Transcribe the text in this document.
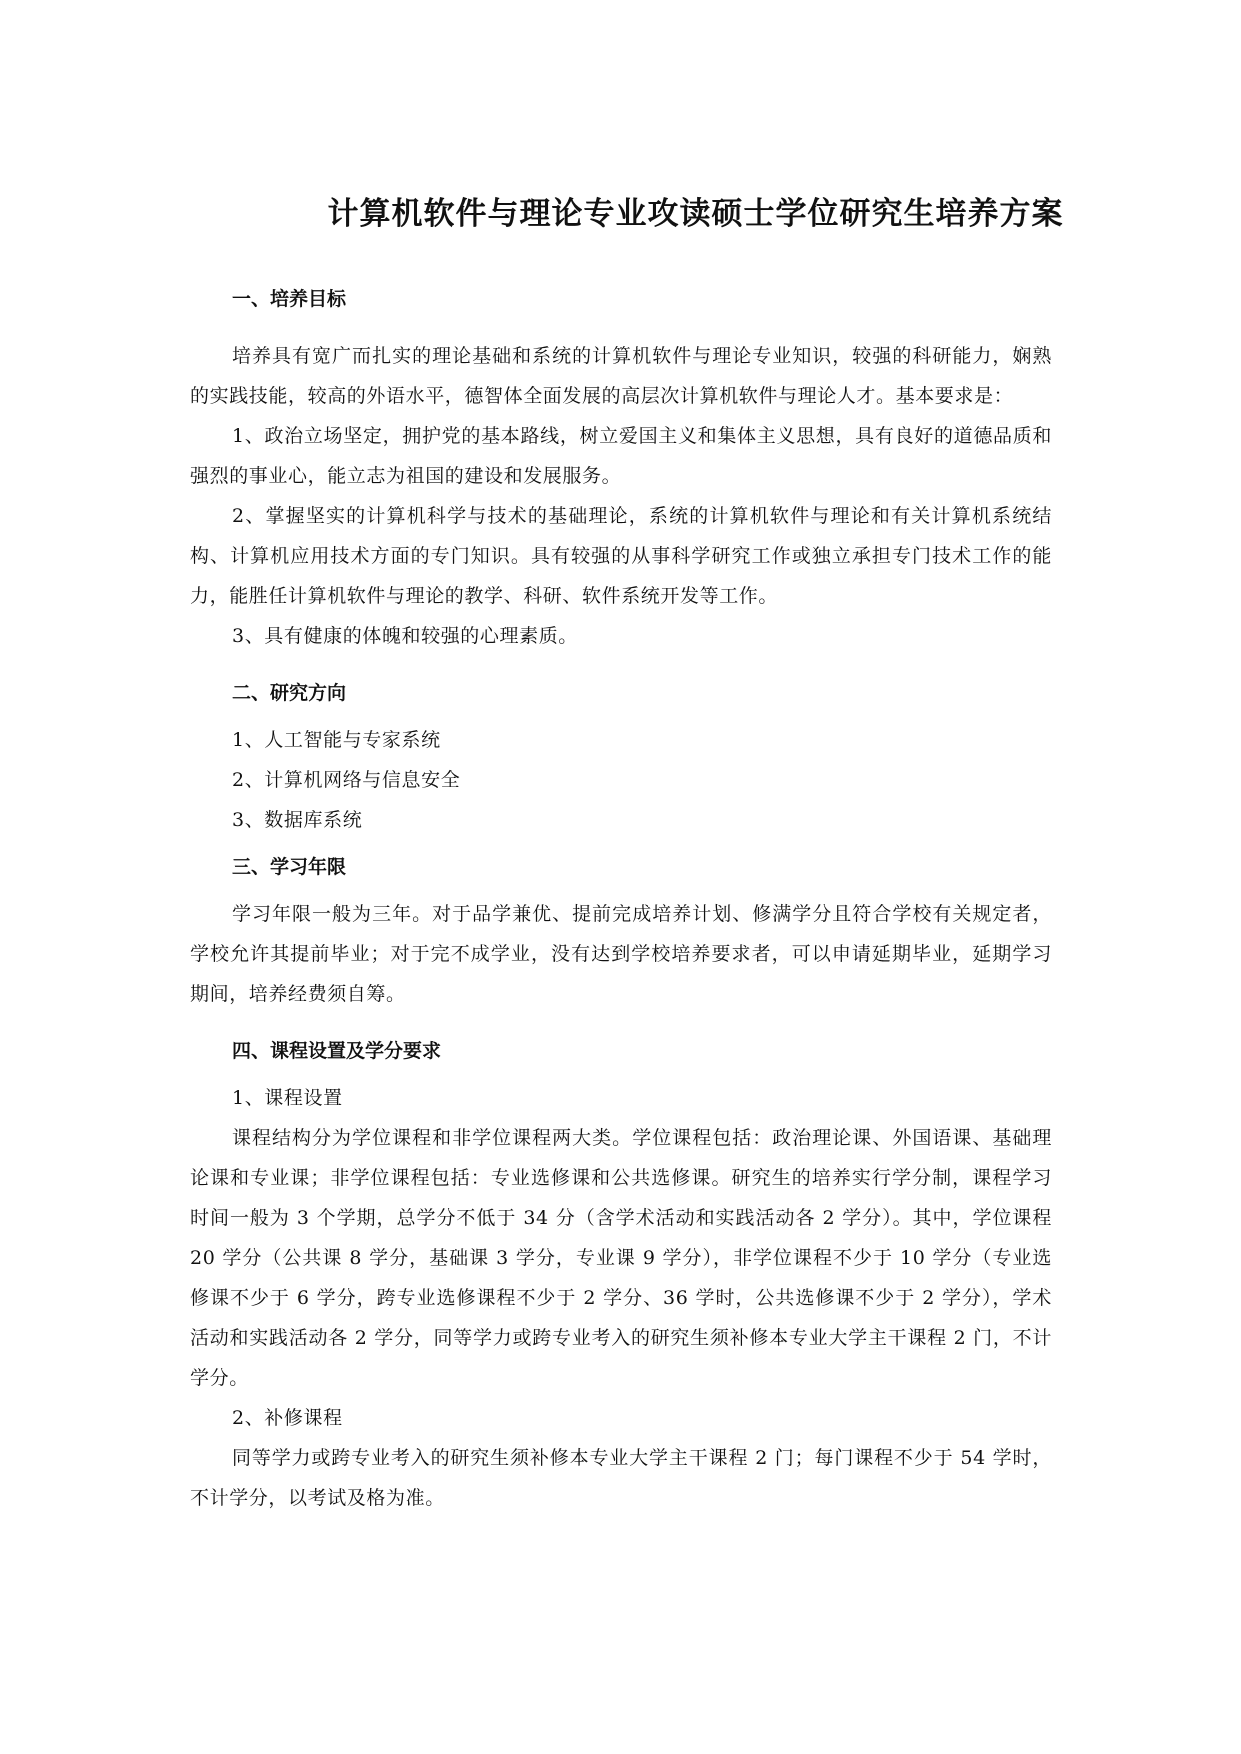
计算机软件与理论专业攻读硕士学位研究生培养方案

一、培养目标

培养具有宽广而扎实的理论基础和系统的计算机软件与理论专业知识，较强的科研能力，娴熟的实践技能，较高的外语水平，德智体全面发展的高层次计算机软件与理论人才。基本要求是：

1、政治立场坚定，拥护党的基本路线，树立爱国主义和集体主义思想，具有良好的道德品质和强烈的事业心，能立志为祖国的建设和发展服务。

2、掌握坚实的计算机科学与技术的基础理论，系统的计算机软件与理论和有关计算机系统结构、计算机应用技术方面的专门知识。具有较强的从事科学研究工作或独立承担专门技术工作的能力，能胜任计算机软件与理论的教学、科研、软件系统开发等工作。

3、具有健康的体魄和较强的心理素质。

二、研究方向

1、人工智能与专家系统

2、计算机网络与信息安全

3、数据库系统

三、学习年限

学习年限一般为三年。对于品学兼优、提前完成培养计划、修满学分且符合学校有关规定者，学校允许其提前毕业；对于完不成学业，没有达到学校培养要求者，可以申请延期毕业，延期学习期间，培养经费须自筹。

四、课程设置及学分要求

1、课程设置

课程结构分为学位课程和非学位课程两大类。学位课程包括：政治理论课、外国语课、基础理论课和专业课；非学位课程包括：专业选修课和公共选修课。研究生的培养实行学分制，课程学习时间一般为 3 个学期，总学分不低于 34 分（含学术活动和实践活动各 2 学分）。其中，学位课程 20 学分（公共课 8 学分，基础课 3 学分，专业课 9 学分），非学位课程不少于 10 学分（专业选修课不少于 6 学分，跨专业选修课程不少于 2 学分、36 学时，公共选修课不少于 2 学分），学术活动和实践活动各 2 学分，同等学力或跨专业考入的研究生须补修本专业大学主干课程 2 门，不计学分。

2、补修课程

同等学力或跨专业考入的研究生须补修本专业大学主干课程 2 门；每门课程不少于 54 学时，不计学分，以考试及格为准。
